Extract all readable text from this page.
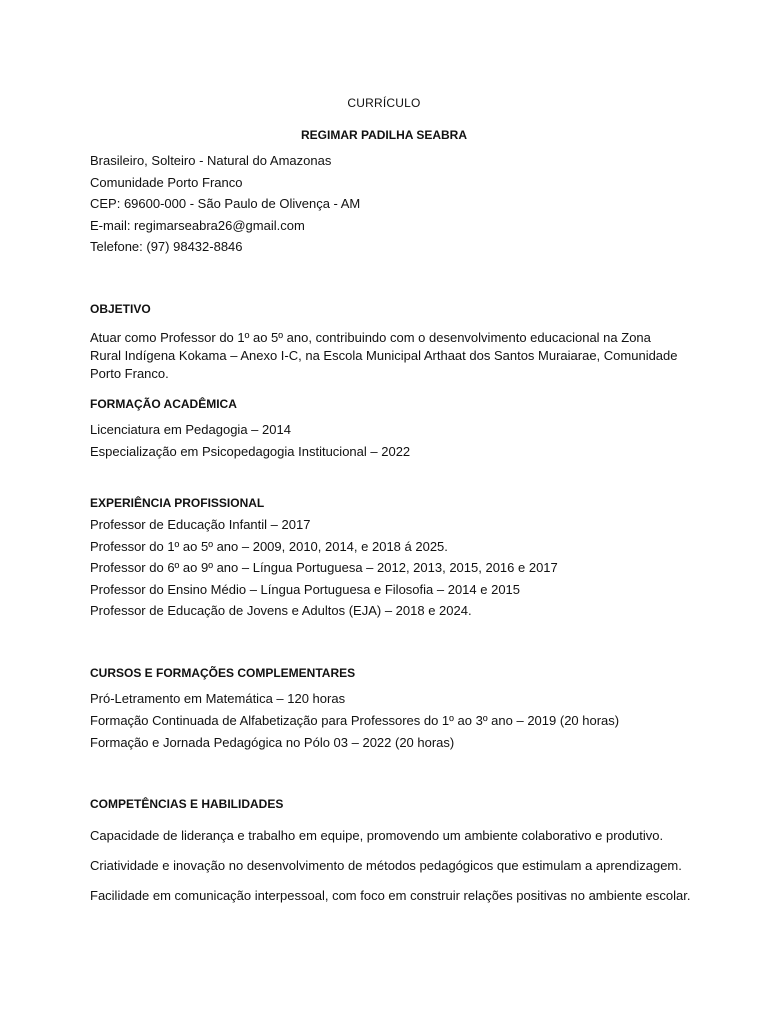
CURRÍCULO
REGIMAR PADILHA SEABRA

Brasileiro, Solteiro - Natural do Amazonas

Comunidade Porto Franco

CEP: 69600-000 - São Paulo de Olivença - AM

E-mail: regimarseabra26@gmail.com

Telefone: (97) 98432-8846

OBJETIVO

Atuar como Professor do 1º ao 5º ano, contribuindo com o desenvolvimento educacional na Zona Rural Indígena Kokama – Anexo I-C, na Escola Municipal Arthaat dos Santos Muraiarae, Comunidade Porto Franco.

FORMAÇÃO ACADÊMICA

Licenciatura em Pedagogia – 2014

Especialização em Psicopedagogia Institucional – 2022

EXPERIÊNCIA PROFISSIONAL

Professor de Educação Infantil – 2017

Professor do 1º ao 5º ano – 2009, 2010, 2014, e 2018 á 2025.

Professor do 6º ao 9º ano – Língua Portuguesa – 2012, 2013, 2015, 2016 e 2017

Professor do Ensino Médio – Língua Portuguesa e Filosofia – 2014 e 2015

Professor de Educação de Jovens e Adultos (EJA) – 2018 e 2024.

CURSOS E FORMAÇÕES COMPLEMENTARES

Pró-Letramento em Matemática – 120 horas

Formação Continuada de Alfabetização para Professores do 1º ao 3º ano – 2019 (20 horas)

Formação e Jornada Pedagógica no Pólo 03 – 2022 (20 horas)

COMPETÊNCIAS E HABILIDADES

Capacidade de liderança e trabalho em equipe, promovendo um ambiente colaborativo e produtivo.

Criatividade e inovação no desenvolvimento de métodos pedagógicos que estimulam a aprendizagem.

Facilidade em comunicação interpessoal, com foco em construir relações positivas no ambiente escolar.
